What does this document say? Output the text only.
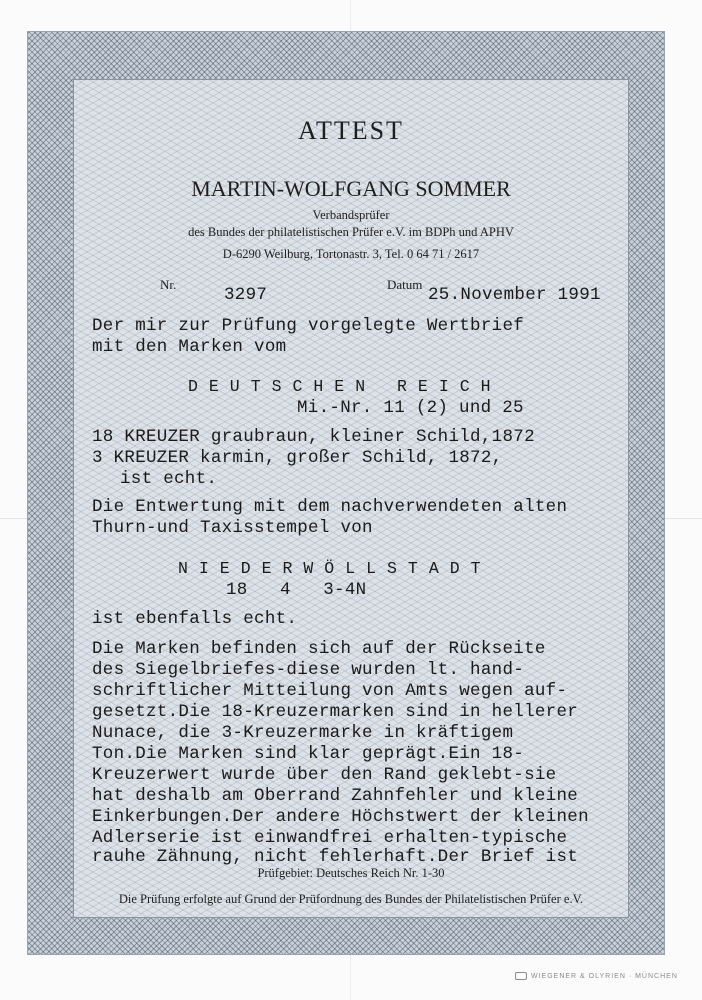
ATTEST
MARTIN-WOLFGANG SOMMER
Verbandsprüfer
des Bundes der philatelistischen Prüfer e.V. im BDPh und APHV
D-6290 Weilburg, Tortonastr. 3, Tel. 0 64 71 / 2617
Nr.
3297
Datum
25.November 1991
Der mir zur Prüfung vorgelegte Wertbrief
mit den Marken vom
DEUTSCHEN REICH
Mi.-Nr. 11 (2) und 25
18 KREUZER graubraun, kleiner Schild,1872
3 KREUZER karmin, großer Schild, 1872,
ist echt.
Die Entwertung mit dem nachverwendeten alten
Thurn-und Taxisstempel von
NIEDERWÖLLSTADT
18   4   3-4N
ist ebenfalls echt.
Die Marken befinden sich auf der Rückseite
des Siegelbriefes-diese wurden lt. hand-
schriftlicher Mitteilung von Amts wegen auf-
gesetzt.Die 18-Kreuzermarken sind in hellerer
Nunace, die 3-Kreuzermarke in kräftigem
Ton.Die Marken sind klar geprägt.Ein 18-
Kreuzerwert wurde über den Rand geklebt-sie
hat deshalb am Oberrand Zahnfehler und kleine
Einkerbungen.Der andere Höchstwert der kleinen
Adlerserie ist einwandfrei erhalten-typische
rauhe Zähnung, nicht fehlerhaft.Der Brief ist
Prüfgebiet: Deutsches Reich Nr. 1-30
Die Prüfung erfolgte auf Grund der Prüfordnung des Bundes der Philatelistischen Prüfer e.V.
WIEGENER & OLYRIEN · MÜNCHEN
